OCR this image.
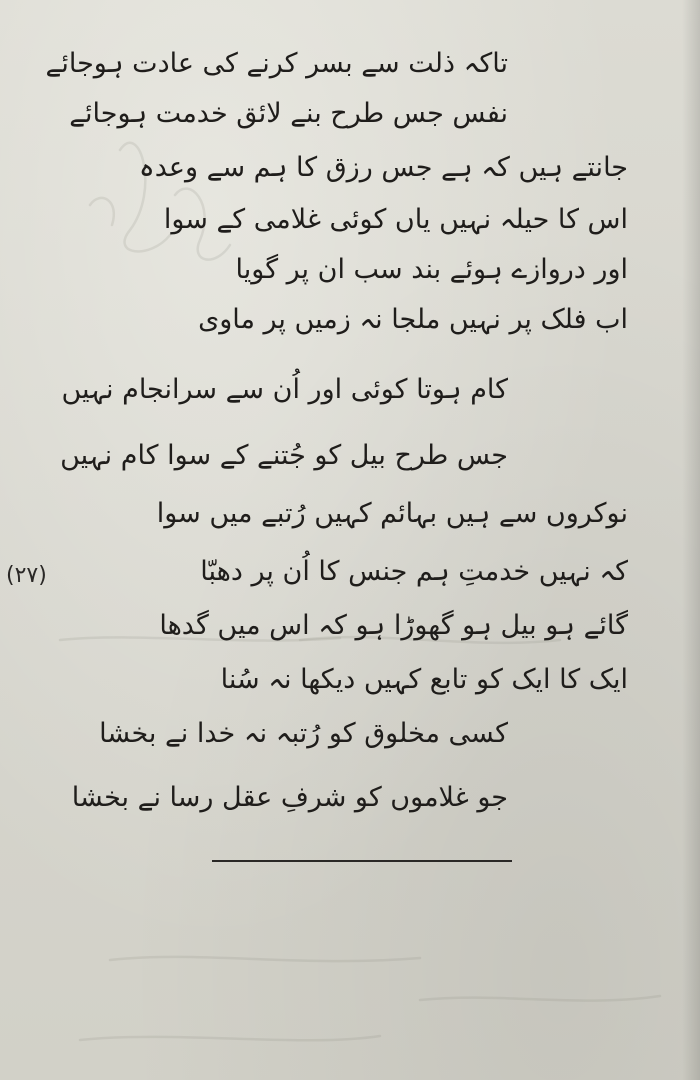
تاکہ ذلت سے بسر کرنے کی عادت ہوجائے
نفس جس طرح بنے لائق خدمت ہوجائے
جانتے ہیں کہ ہے جس رزق کا ہم سے وعدہ
اس کا حیلہ نہیں یاں کوئی غلامی کے سوا
اور دروازے ہوئے بند سب ان پر گویا
اب فلک پر نہیں ملجا نہ زمیں پر ماوی
کام ہوتا کوئی اور اُن سے سرانجام نہیں
جس طرح بیل کو جُتنے کے سوا کام نہیں
نوکروں سے ہیں بہائم کہیں رُتبے میں سوا
کہ نہیں خدمتِ ہم جنس کا اُن پر دھبّا
گائے ہو بیل ہو گھوڑا ہو کہ اس میں گدھا
ایک کا ایک کو تابع کہیں دیکھا نہ سُنا
کسی مخلوق کو رُتبہ نہ خدا نے بخشا
جو غلاموں کو شرفِ عقل رسا نے بخشا
(۲۷)
